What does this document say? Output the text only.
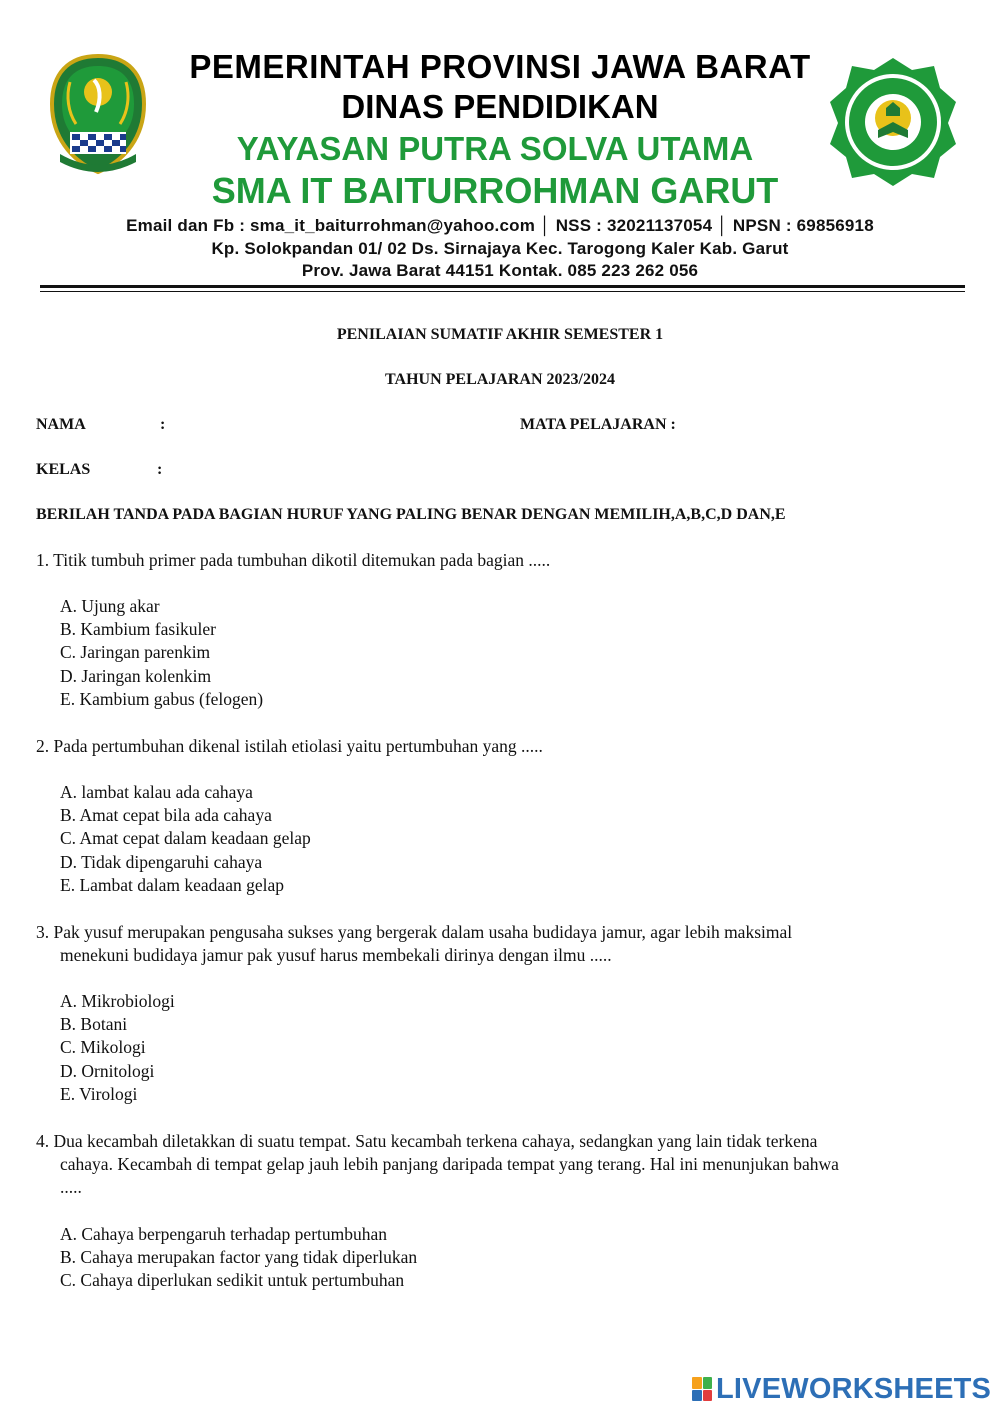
PEMERINTAH PROVINSI JAWA BARAT
DINAS PENDIDIKAN
YAYASAN PUTRA SOLVA UTAMA
SMA IT BAITURROHMAN GARUT
Email dan Fb : sma_it_baiturrohman@yahoo.com │ NSS : 32021137054 │ NPSN : 69856918
Kp. Solokpandan 01/ 02 Ds. Sirnajaya Kec. Tarogong Kaler Kab. Garut
Prov. Jawa Barat 44151 Kontak. 085 223 262 056
PENILAIAN SUMATIF AKHIR SEMESTER 1
TAHUN PELAJARAN 2023/2024
NAMA	:	MATA PELAJARAN :
KELAS	:
BERILAH TANDA PADA BAGIAN HURUF YANG PALING BENAR DENGAN MEMILIH,A,B,C,D DAN,E
1. Titik tumbuh primer pada tumbuhan dikotil ditemukan pada bagian .....
A. Ujung akar
B. Kambium fasikuler
C. Jaringan parenkim
D. Jaringan kolenkim
E. Kambium gabus (felogen)
2. Pada pertumbuhan dikenal istilah etiolasi yaitu pertumbuhan yang .....
A. lambat kalau ada cahaya
B. Amat cepat bila ada cahaya
C. Amat cepat dalam keadaan gelap
D. Tidak dipengaruhi cahaya
E. Lambat dalam keadaan gelap
3. Pak yusuf merupakan pengusaha sukses yang bergerak dalam usaha budidaya jamur, agar lebih maksimal
menekuni budidaya jamur pak yusuf harus membekali dirinya dengan ilmu .....
A. Mikrobiologi
B. Botani
C. Mikologi
D. Ornitologi
E. Virologi
4. Dua kecambah diletakkan di suatu tempat. Satu kecambah terkena cahaya, sedangkan yang lain tidak terkena
cahaya. Kecambah di tempat gelap jauh lebih panjang daripada tempat yang terang. Hal ini menunjukan bahwa
.....
A. Cahaya berpengaruh terhadap pertumbuhan
B. Cahaya merupakan factor yang tidak diperlukan
C. Cahaya diperlukan sedikit untuk pertumbuhan
LIVEWORKSHEETS
